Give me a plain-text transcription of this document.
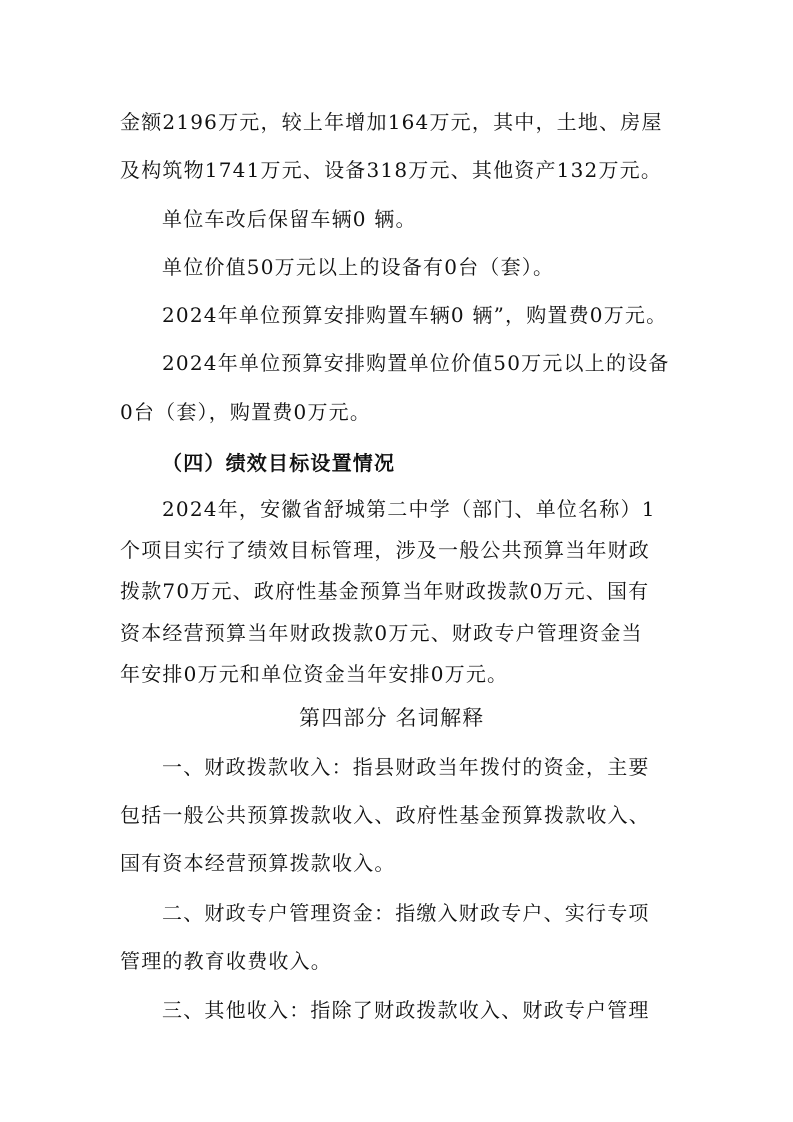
金额2196万元，较上年增加164万元，其中，土地、房屋
及构筑物1741万元、设备318万元、其他资产132万元。
单位车改后保留车辆0 辆。
单位价值50万元以上的设备有0台（套）。
2024年单位预算安排购置车辆0 辆”，购置费0万元。
2024年单位预算安排购置单位价值50万元以上的设备
0台（套），购置费0万元。
（四）绩效目标设置情况
2024年，安徽省舒城第二中学（部门、单位名称）1
个项目实行了绩效目标管理，涉及一般公共预算当年财政
拨款70万元、政府性基金预算当年财政拨款0万元、国有
资本经营预算当年财政拨款0万元、财政专户管理资金当
年安排0万元和单位资金当年安排0万元。
第四部分 名词解释
一、财政拨款收入：指县财政当年拨付的资金，主要
包括一般公共预算拨款收入、政府性基金预算拨款收入、
国有资本经营预算拨款收入。
二、财政专户管理资金：指缴入财政专户、实行专项
管理的教育收费收入。
三、其他收入：指除了财政拨款收入、财政专户管理
